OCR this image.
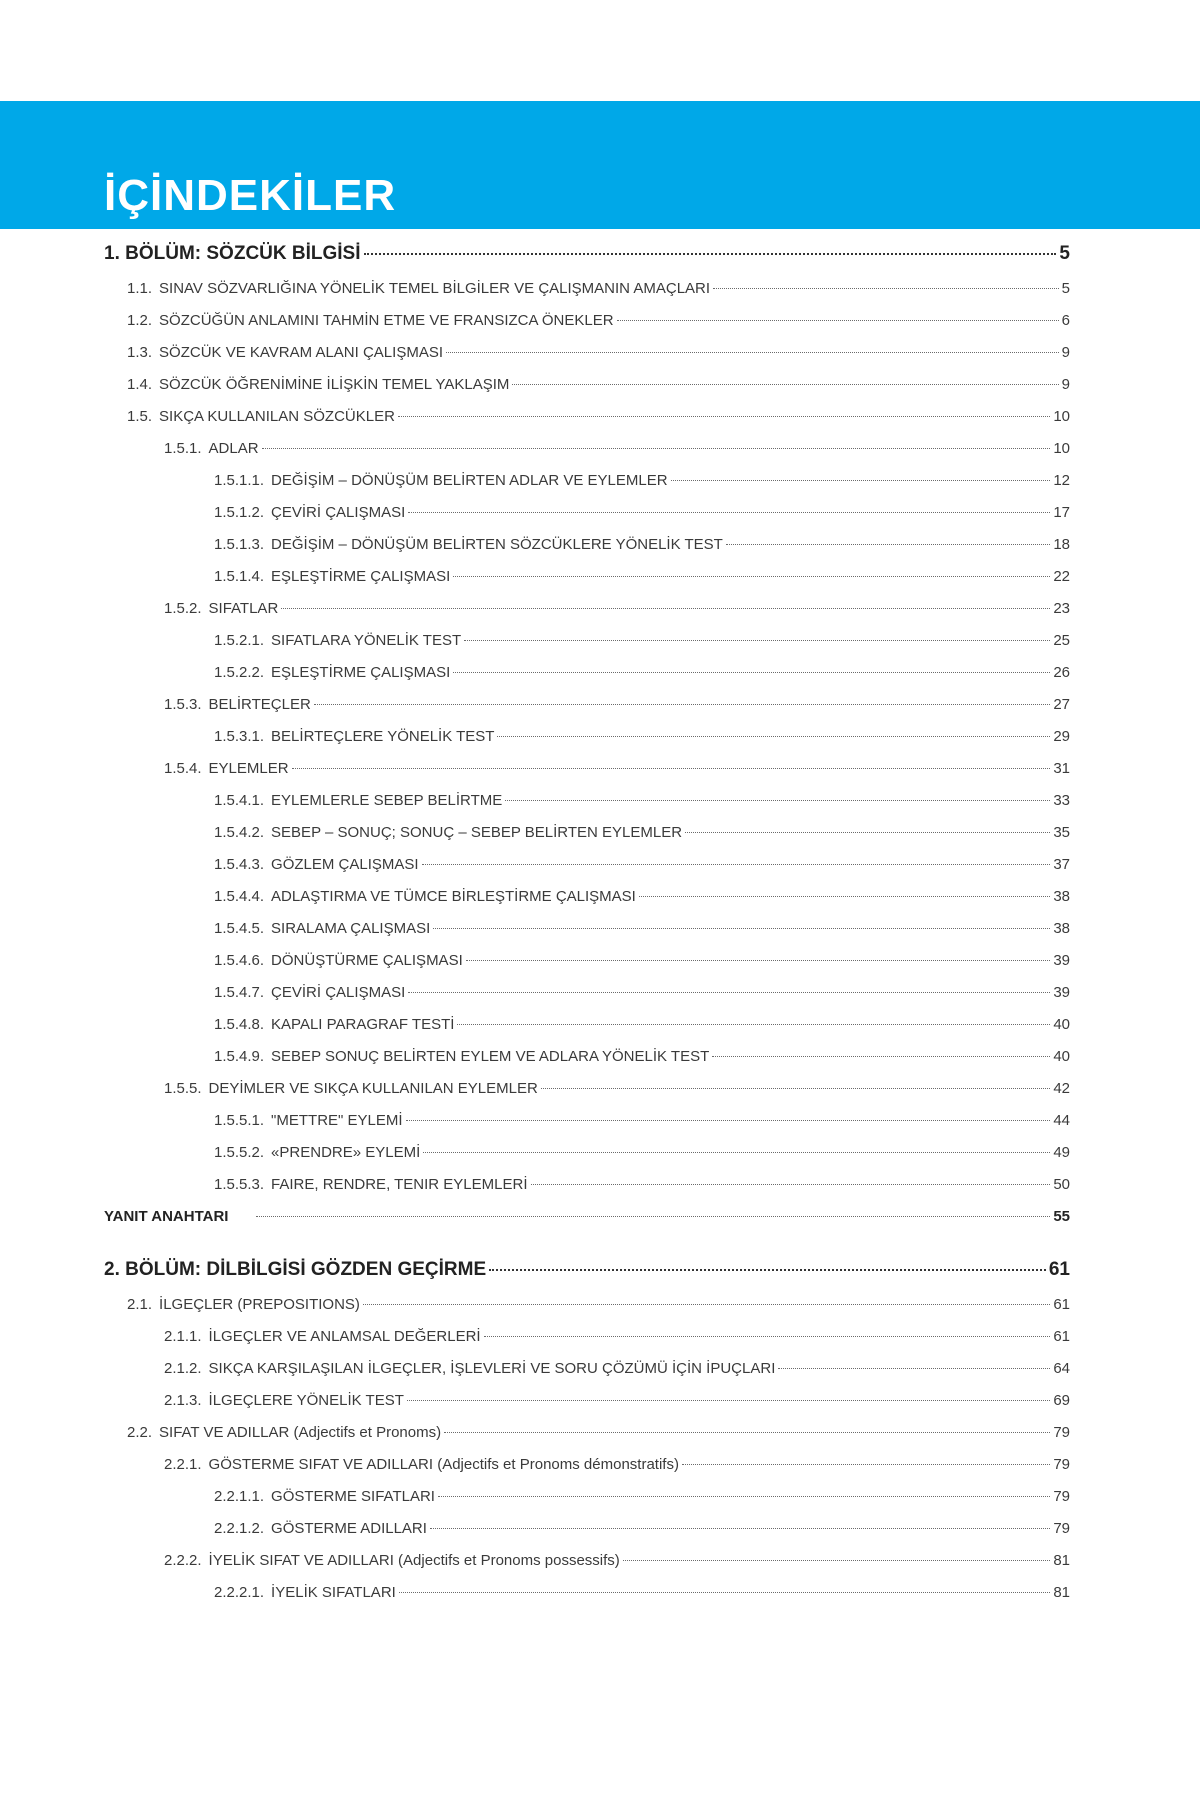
İÇİNDEKİLER
1. BÖLÜM: SÖZCÜK BİLGİSİ	5
1.1. SINAV SÖZVARLIĞINA YÖNELİK TEMEL BİLGİLER VE ÇALIŞMANIN AMAÇLARI	5
1.2. SÖZCÜĞÜN ANLAMINI TAHMİN ETME VE FRANSIZCA ÖNEKLER	6
1.3. SÖZCÜK VE KAVRAM ALANI ÇALIŞMASI	9
1.4. SÖZCÜK ÖĞRENİMİNE İLİŞKİN TEMEL YAKLAŞIM	9
1.5. SIKÇA KULLANILAN SÖZCÜKLER	10
1.5.1. ADLAR	10
1.5.1.1. DEĞİŞİM – DÖNÜŞÜM BELİRTEN ADLAR VE EYLEMLER	12
1.5.1.2. ÇEVİRİ ÇALIŞMASI	17
1.5.1.3. DEĞİŞİM – DÖNÜŞÜM BELİRTEN SÖZCÜKLERE YÖNELİK TEST	18
1.5.1.4. EŞLEŞTİRME ÇALIŞMASI	22
1.5.2. SIFATLAR	23
1.5.2.1. SIFATLARA YÖNELİK TEST	25
1.5.2.2. EŞLEŞTİRME ÇALIŞMASI	26
1.5.3. BELİRTEÇLER	27
1.5.3.1. BELİRTEÇLERE YÖNELİK TEST	29
1.5.4. EYLEMLER	31
1.5.4.1. EYLEMLERLE SEBEP BELİRTME	33
1.5.4.2. SEBEP – SONUÇ; SONUÇ – SEBEP BELİRTEN EYLEMLER	35
1.5.4.3. GÖZLEM ÇALIŞMASI	37
1.5.4.4. ADLAŞTIRMA VE TÜMCE BİRLEŞTİRME ÇALIŞMASI	38
1.5.4.5. SIRALAMA ÇALIŞMASI	38
1.5.4.6. DÖNÜŞTÜRME ÇALIŞMASI	39
1.5.4.7. ÇEVİRİ ÇALIŞMASI	39
1.5.4.8. KAPALI PARAGRAF TESTİ	40
1.5.4.9. SEBEP SONUÇ BELİRTEN EYLEM VE ADLARA YÖNELİK TEST	40
1.5.5. DEYİMLER VE SIKÇA KULLANILAN EYLEMLER	42
1.5.5.1. "METTRE" EYLEMİ	44
1.5.5.2. «PRENDRE» EYLEMİ	49
1.5.5.3. FAIRE, RENDRE, TENIR EYLEMLERİ	50
YANIT ANAHTARI	55
2. BÖLÜM: DİLBİLGİSİ GÖZDEN GEÇİRME	61
2.1. İLGEÇLER (PREPOSITIONS)	61
2.1.1. İLGEÇLER VE ANLAMSAL DEĞERLERİ	61
2.1.2. SIKÇA KARŞILAŞILAN İLGEÇLER, İŞLEVLERİ VE SORU ÇÖZÜMÜ İÇİN İPUÇLARI	64
2.1.3. İLGEÇLERE YÖNELİK TEST	69
2.2. SIFAT VE ADILLAR (Adjectifs et Pronoms)	79
2.2.1. GÖSTERME SIFAT VE ADILLARI (Adjectifs et Pronoms démonstratifs)	79
2.2.1.1. GÖSTERME SIFATLARI	79
2.2.1.2. GÖSTERME ADILLARI	79
2.2.2. İYELİK SIFAT VE ADILLARI (Adjectifs et Pronoms possessifs)	81
2.2.2.1. İYELİK SIFATLARI	81
